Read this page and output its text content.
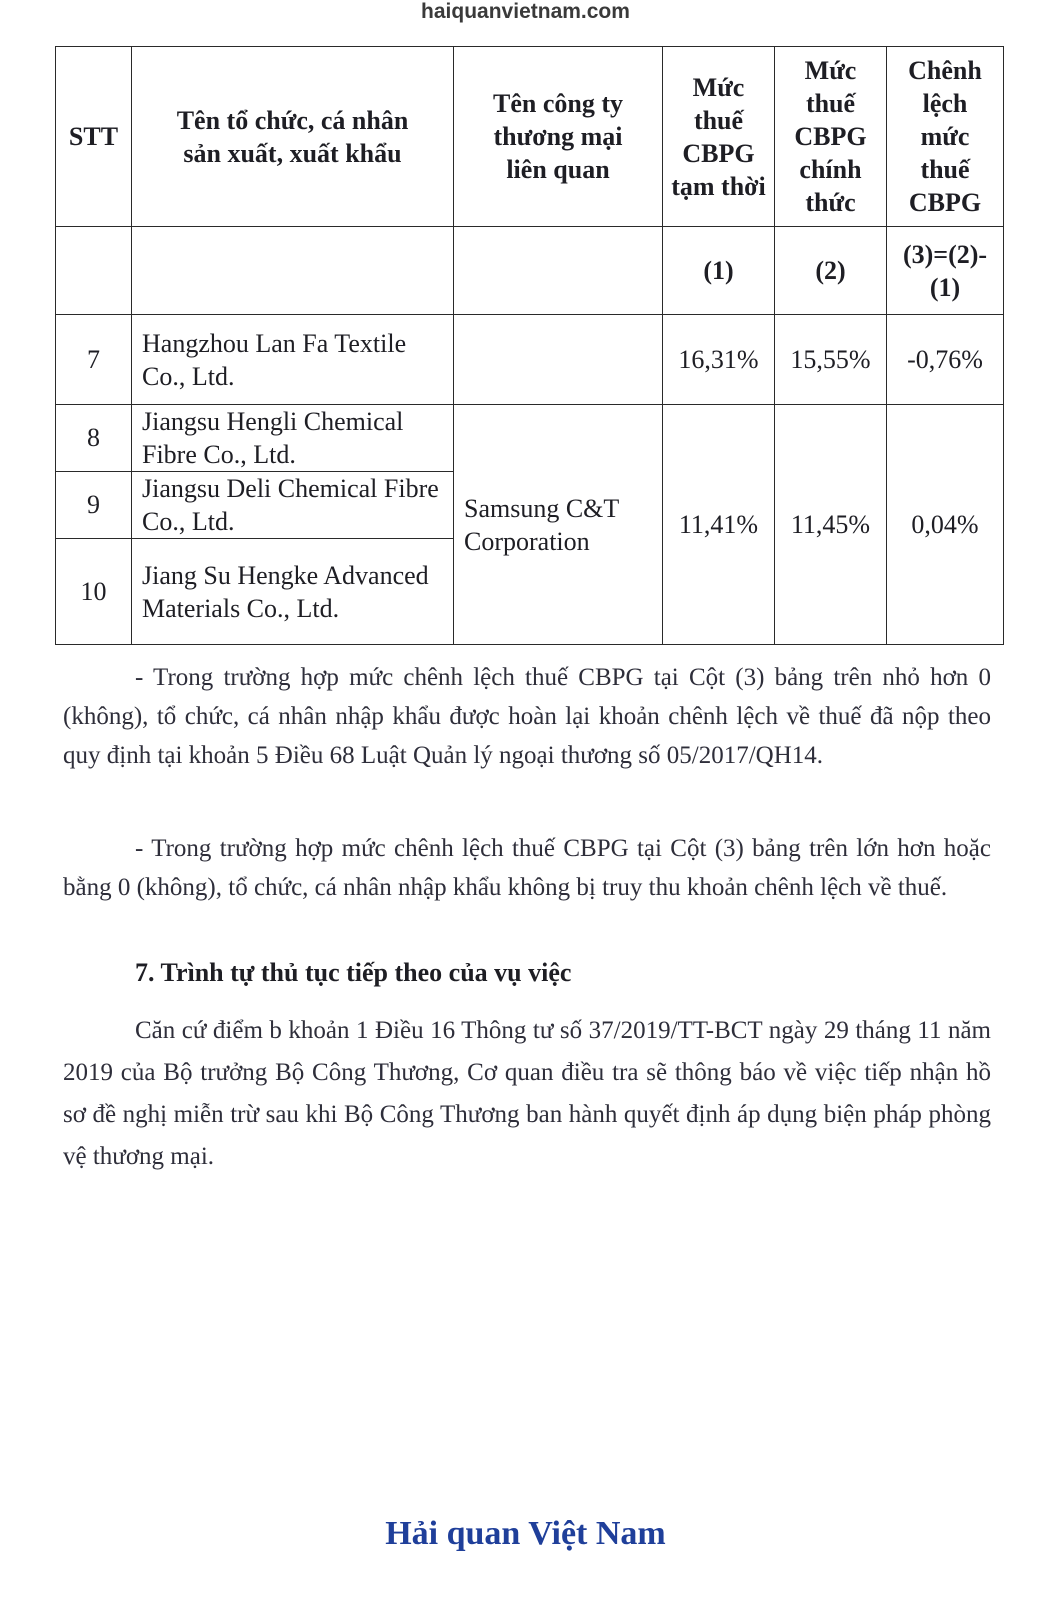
haiquanvietnam.com
STT	Tên tổ chức, cá nhân sản xuất, xuất khẩu	Tên công ty thương mại liên quan	Mức thuế CBPG tạm thời	Mức thuế CBPG chính thức	Chênh lệch mức thuế CBPG
			(1)	(2)	(3)=(2)-(1)
7	Hangzhou Lan Fa Textile Co., Ltd.		16,31%	15,55%	-0,76%
8	Jiangsu Hengli Chemical Fibre Co., Ltd.	Samsung C&T Corporation	11,41%	11,45%	0,04%
9	Jiangsu Deli Chemical Fibre Co., Ltd.				
10	Jiang Su Hengke Advanced Materials Co., Ltd.				

- Trong trường hợp mức chênh lệch thuế CBPG tại Cột (3) bảng trên nhỏ hơn 0 (không), tổ chức, cá nhân nhập khẩu được hoàn lại khoản chênh lệch về thuế đã nộp theo quy định tại khoản 5 Điều 68 Luật Quản lý ngoại thương số 05/2017/QH14.

- Trong trường hợp mức chênh lệch thuế CBPG tại Cột (3) bảng trên lớn hơn hoặc bằng 0 (không), tổ chức, cá nhân nhập khẩu không bị truy thu khoản chênh lệch về thuế.

7. Trình tự thủ tục tiếp theo của vụ việc

Căn cứ điểm b khoản 1 Điều 16 Thông tư số 37/2019/TT-BCT ngày 29 tháng 11 năm 2019 của Bộ trưởng Bộ Công Thương, Cơ quan điều tra sẽ thông báo về việc tiếp nhận hồ sơ đề nghị miễn trừ sau khi Bộ Công Thương ban hành quyết định áp dụng biện pháp phòng vệ thương mại.

Hải quan Việt Nam
